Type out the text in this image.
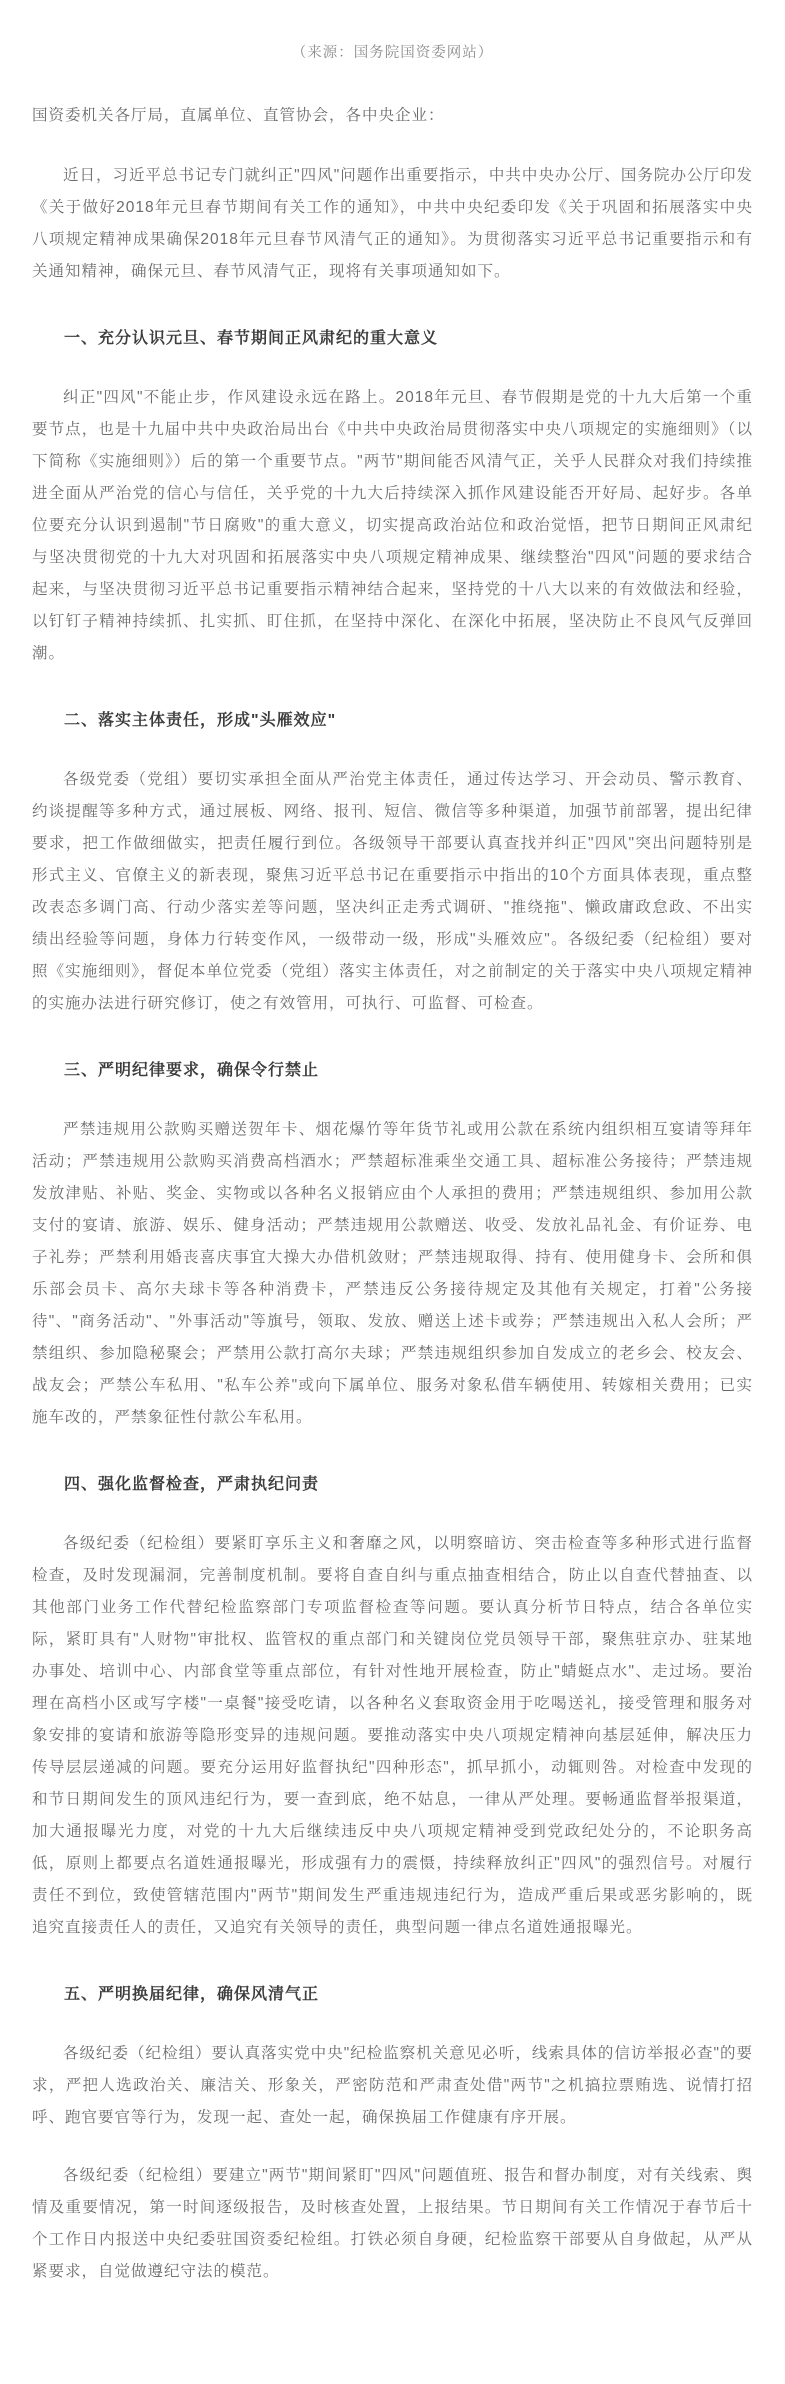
（来源：国务院国资委网站）

国资委机关各厅局，直属单位、直管协会，各中央企业：

近日，习近平总书记专门就纠正"四风"问题作出重要指示，中共中央办公厅、国务院办公厅印发《关于做好2018年元旦春节期间有关工作的通知》，中共中央纪委印发《关于巩固和拓展落实中央八项规定精神成果确保2018年元旦春节风清气正的通知》。为贯彻落实习近平总书记重要指示和有关通知精神，确保元旦、春节风清气正，现将有关事项通知如下。

一、充分认识元旦、春节期间正风肃纪的重大意义

纠正"四风"不能止步，作风建设永远在路上。2018年元旦、春节假期是党的十九大后第一个重要节点，也是十九届中共中央政治局出台《中共中央政治局贯彻落实中央八项规定的实施细则》（以下简称《实施细则》）后的第一个重要节点。"两节"期间能否风清气正，关乎人民群众对我们持续推进全面从严治党的信心与信任，关乎党的十九大后持续深入抓作风建设能否开好局、起好步。各单位要充分认识到遏制"节日腐败"的重大意义，切实提高政治站位和政治觉悟，把节日期间正风肃纪与坚决贯彻党的十九大对巩固和拓展落实中央八项规定精神成果、继续整治"四风"问题的要求结合起来，与坚决贯彻习近平总书记重要指示精神结合起来，坚持党的十八大以来的有效做法和经验，以钉钉子精神持续抓、扎实抓、盯住抓，在坚持中深化、在深化中拓展，坚决防止不良风气反弹回潮。

二、落实主体责任，形成"头雁效应"

各级党委（党组）要切实承担全面从严治党主体责任，通过传达学习、开会动员、警示教育、约谈提醒等多种方式，通过展板、网络、报刊、短信、微信等多种渠道，加强节前部署，提出纪律要求，把工作做细做实，把责任履行到位。各级领导干部要认真查找并纠正"四风"突出问题特别是形式主义、官僚主义的新表现，聚焦习近平总书记在重要指示中指出的10个方面具体表现，重点整改表态多调门高、行动少落实差等问题，坚决纠正走秀式调研、"推绕拖"、懒政庸政怠政、不出实绩出经验等问题，身体力行转变作风，一级带动一级，形成"头雁效应"。各级纪委（纪检组）要对照《实施细则》，督促本单位党委（党组）落实主体责任，对之前制定的关于落实中央八项规定精神的实施办法进行研究修订，使之有效管用，可执行、可监督、可检查。

三、严明纪律要求，确保令行禁止

严禁违规用公款购买赠送贺年卡、烟花爆竹等年货节礼或用公款在系统内组织相互宴请等拜年活动；严禁违规用公款购买消费高档酒水；严禁超标准乘坐交通工具、超标准公务接待；严禁违规发放津贴、补贴、奖金、实物或以各种名义报销应由个人承担的费用；严禁违规组织、参加用公款支付的宴请、旅游、娱乐、健身活动；严禁违规用公款赠送、收受、发放礼品礼金、有价证券、电子礼券；严禁利用婚丧喜庆事宜大操大办借机敛财；严禁违规取得、持有、使用健身卡、会所和俱乐部会员卡、高尔夫球卡等各种消费卡，严禁违反公务接待规定及其他有关规定，打着"公务接待"、"商务活动"、"外事活动"等旗号，领取、发放、赠送上述卡或券；严禁违规出入私人会所；严禁组织、参加隐秘聚会；严禁用公款打高尔夫球；严禁违规组织参加自发成立的老乡会、校友会、战友会；严禁公车私用、"私车公养"或向下属单位、服务对象私借车辆使用、转嫁相关费用；已实施车改的，严禁象征性付款公车私用。

四、强化监督检查，严肃执纪问责

各级纪委（纪检组）要紧盯享乐主义和奢靡之风，以明察暗访、突击检查等多种形式进行监督检查，及时发现漏洞，完善制度机制。要将自查自纠与重点抽查相结合，防止以自查代替抽查、以其他部门业务工作代替纪检监察部门专项监督检查等问题。要认真分析节日特点，结合各单位实际，紧盯具有"人财物"审批权、监管权的重点部门和关键岗位党员领导干部，聚焦驻京办、驻某地办事处、培训中心、内部食堂等重点部位，有针对性地开展检查，防止"蜻蜓点水"、走过场。要治理在高档小区或写字楼"一桌餐"接受吃请，以各种名义套取资金用于吃喝送礼，接受管理和服务对象安排的宴请和旅游等隐形变异的违规问题。要推动落实中央八项规定精神向基层延伸，解决压力传导层层递减的问题。要充分运用好监督执纪"四种形态"，抓早抓小，动辄则咎。对检查中发现的和节日期间发生的顶风违纪行为，要一查到底，绝不姑息，一律从严处理。要畅通监督举报渠道，加大通报曝光力度，对党的十九大后继续违反中央八项规定精神受到党政纪处分的，不论职务高低，原则上都要点名道姓通报曝光，形成强有力的震慑，持续释放纠正"四风"的强烈信号。对履行责任不到位，致使管辖范围内"两节"期间发生严重违规违纪行为，造成严重后果或恶劣影响的，既追究直接责任人的责任，又追究有关领导的责任，典型问题一律点名道姓通报曝光。

五、严明换届纪律，确保风清气正

各级纪委（纪检组）要认真落实党中央"纪检监察机关意见必听，线索具体的信访举报必查"的要求，严把人选政治关、廉洁关、形象关，严密防范和严肃查处借"两节"之机搞拉票贿选、说情打招呼、跑官要官等行为，发现一起、查处一起，确保换届工作健康有序开展。

各级纪委（纪检组）要建立"两节"期间紧盯"四风"问题值班、报告和督办制度，对有关线索、舆情及重要情况，第一时间逐级报告，及时核查处置，上报结果。节日期间有关工作情况于春节后十个工作日内报送中央纪委驻国资委纪检组。打铁必须自身硬，纪检监察干部要从自身做起，从严从紧要求，自觉做遵纪守法的模范。
